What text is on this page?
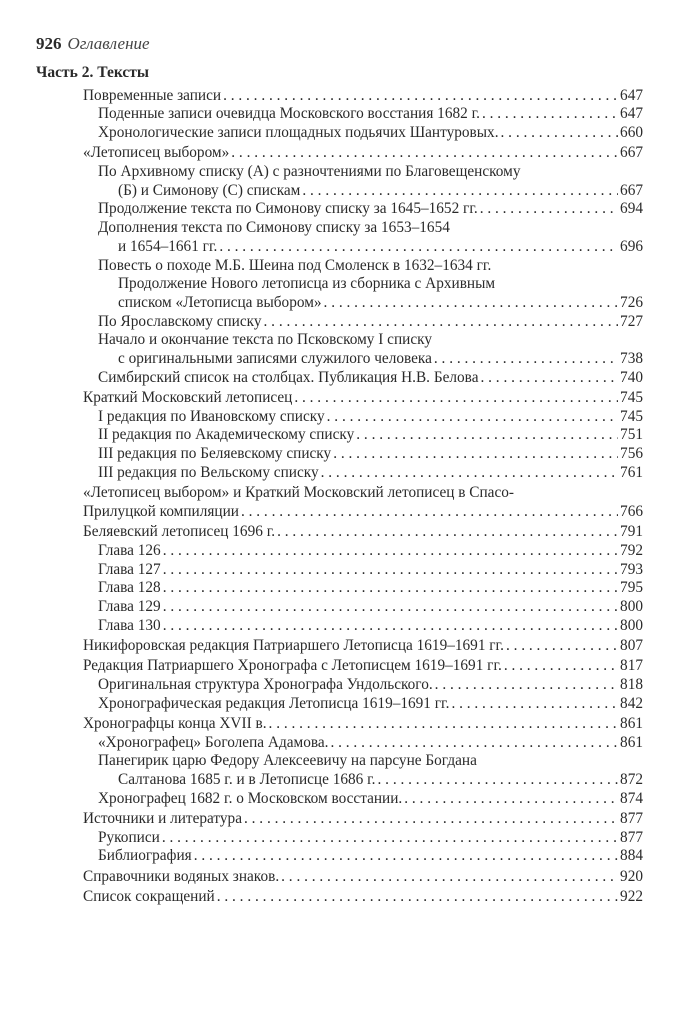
926 Оглавление
Часть 2. Тексты
Повременные записи . . .	647
Поденные записи очевидца Московского восстания 1682 г. . . .	647
Хронологические записи площадных подьячих Шантуровых. . . .	660
«Летописец выбором» . . .	667
По Архивному списку (А) с разночтениями по Благовещенскому
(Б) и Симонову (С) спискам . . .	667
Продолжение текста по Симонову списку за 1645–1652 гг. . . .	694
Дополнения текста по Симонову списку за 1653–1654
и 1654–1661 гг. . . .	696
Повесть о походе М.Б. Шеина под Смоленск в 1632–1634 гг.
Продолжение Нового летописца из сборника с Архивным
списком «Летописца выбором» . . .	726
По Ярославскому списку . . .	727
Начало и окончание текста по Псковскому I списку
с оригинальными записями служилого человека . . .	738
Симбирский список на столбцах. Публикация Н.В. Белова . . .	740
Краткий Московский летописец . . .	745
I редакция по Ивановскому списку . . .	745
II редакция по Академическому списку . . .	751
III редакция по Беляевскому списку . . .	756
III редакция по Вельскому списку . . .	761
«Летописец выбором» и Краткий Московский летописец в Спасо-
Прилуцкой компиляции . . .	766
Беляевский летописец 1696 г. . . .	791
Глава 126 . . .	792
Глава 127 . . .	793
Глава 128 . . .	795
Глава 129 . . .	800
Глава 130 . . .	800
Никифоровская редакция Патриаршего Летописца 1619–1691 гг. . . .	807
Редакция Патриаршего Хронографа с Летописцем 1619–1691 гг. . . .	817
Оригинальная структура Хронографа Ундольского. . . .	818
Хронографическая редакция Летописца 1619–1691 гг. . . .	842
Хронографцы конца XVII в. . . .	861
«Хронографец» Боголепа Адамова. . . .	861
Панегирик царю Федору Алексеевичу на парсуне Богдана
Салтанова 1685 г. и в Летописце 1686 г. . . .	872
Хронографец 1682 г. о Московском восстании. . . .	874
Источники и литература . . .	877
Рукописи . . .	877
Библиография . . .	884
Справочники водяных знаков. . . .	920
Список сокращений . . .	922
